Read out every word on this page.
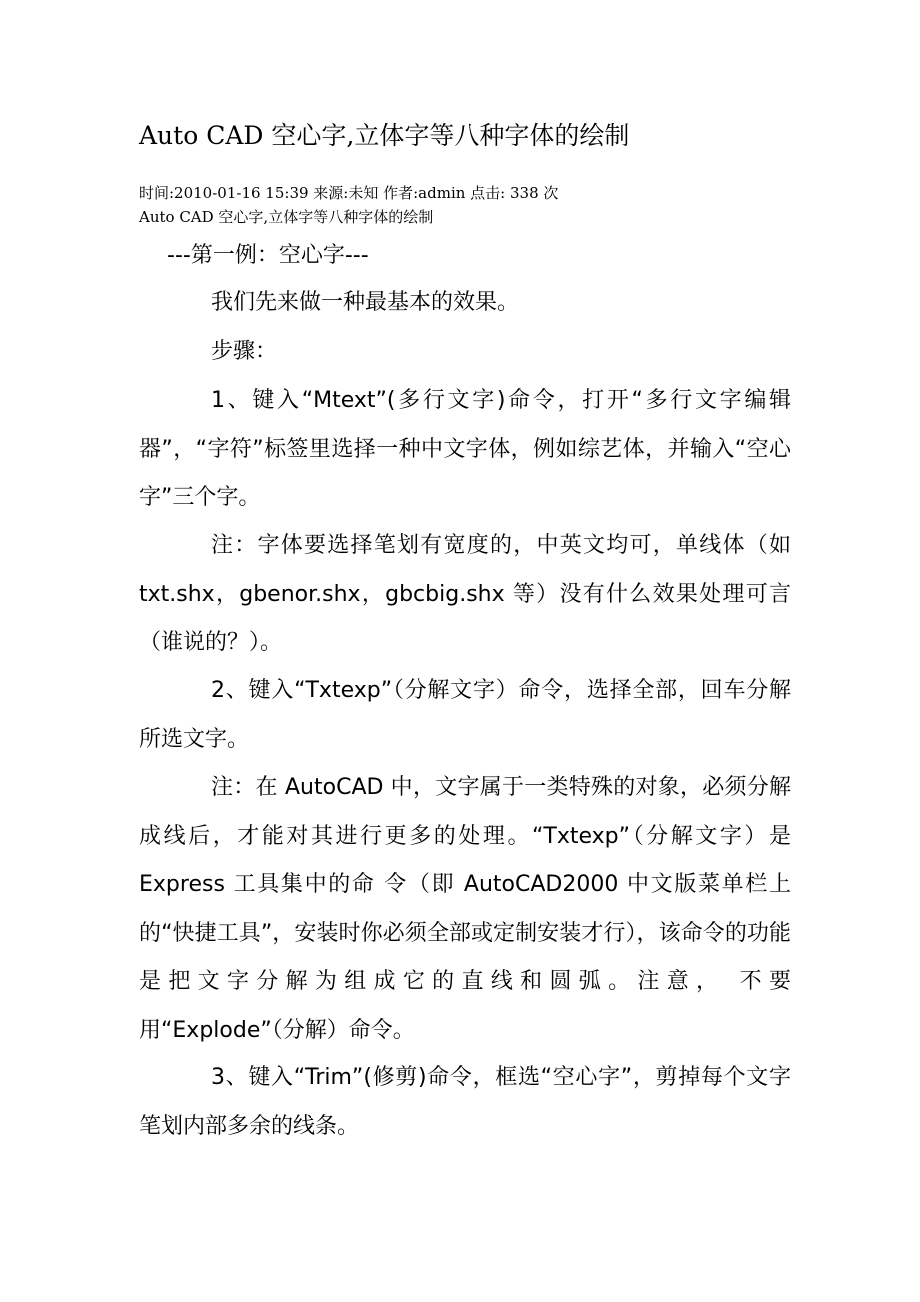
Auto CAD 空心字,立体字等八种字体的绘制
时间:2010-01-16 15:39 来源:未知 作者:admin 点击: 338 次
Auto CAD 空心字,立体字等八种字体的绘制
---第一例：空心字---

我们先来做一种最基本的效果。

步骤：

1、键入“Mtext”(多行文字)命令，打开“多行文字编辑器”，“字符”标签里选择一种中文字体，例如综艺体，并输入“空心字”三个字。

注：字体要选择笔划有宽度的，中英文均可，单线体（如 txt.shx，gbenor.shx，gbcbig.shx 等）没有什么效果处理可言（谁说的？）。

2、键入“Txtexp”（分解文字）命令，选择全部，回车分解所选文字。

注：在 AutoCAD 中，文字属于一类特殊的对象，必须分解成线后，才能对其进行更多的处理。“Txtexp”（分解文字）是 Express 工具集中的命 令（即 AutoCAD2000 中文版菜单栏上的“快捷工具”，安装时你必须全部或定制安装才行），该命令的功能是把文字分解为组成它的直线和圆弧。注意， 不要用“Explode”（分解）命令。

3、键入“Trim”(修剪)命令，框选“空心字”，剪掉每个文字笔划内部多余的线条。
